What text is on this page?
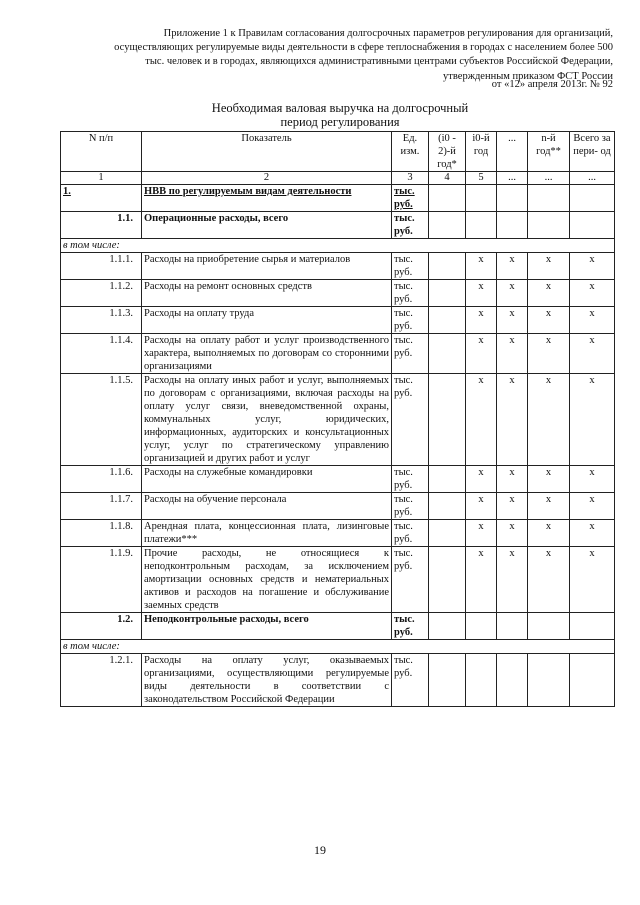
Приложение 1 к Правилам согласования долгосрочных параметров регулирования для организаций,
осуществляющих регулируемые виды деятельности в сфере теплоснабжения в городах с населением более 500
тыс. человек и в городах, являющихся административными центрами субъектов Российской Федерации,
утвержденным приказом ФСТ России
от «12» апреля 2013г. № 92
Необходимая валовая выручка на долгосрочный
период регулирования
N п/п	Показатель	Ед. изм.	(i0 - 2)-й год*	i0-й год	...	n-й год**	Всего за пери- од
1	2	3	4	5	...	...	...
1.	НВВ по регулируемым видам деятельности	тыс. руб.					
1.1.	Операционные расходы, всего	тыс. руб.					
в том числе:							
1.1.1.	Расходы на приобретение сырья и материалов	тыс. руб.		x	x	x	x
1.1.2.	Расходы на ремонт основных средств	тыс. руб.		x	x	x	x
1.1.3.	Расходы на оплату труда	тыс. руб.		x	x	x	x
1.1.4.	Расходы на оплату работ и услуг производственного характера, выполняемых по договорам со сторонними организациями	тыс. руб.		x	x	x	x
1.1.5.	Расходы на оплату иных работ и услуг, выполняемых по договорам с организациями, включая расходы на оплату услуг связи, вневедомственной охраны, коммунальных услуг, юридических, информационных, аудиторских и консультационных услуг, услуг по стратегическому управлению организацией и других работ и услуг	тыс. руб.		x	x	x	x
1.1.6.	Расходы на служебные командировки	тыс. руб.		x	x	x	x
1.1.7.	Расходы на обучение персонала	тыс. руб.		x	x	x	x
1.1.8.	Арендная плата, концессионная плата, лизинговые платежи***	тыс. руб.		x	x	x	x
1.1.9.	Прочие расходы, не относящиеся к неподконтрольным расходам, за исключением амортизации основных средств и нематериальных активов и расходов на погашение и обслуживание заемных средств	тыс. руб.		x	x	x	x
1.2.	Неподконтрольные расходы, всего	тыс. руб.					
в том числе:							
1.2.1.	Расходы на оплату услуг, оказываемых организациями, осуществляющими регулируемые виды деятельности в соответствии с законодательством Российской Федерации	тыс. руб.					
19
